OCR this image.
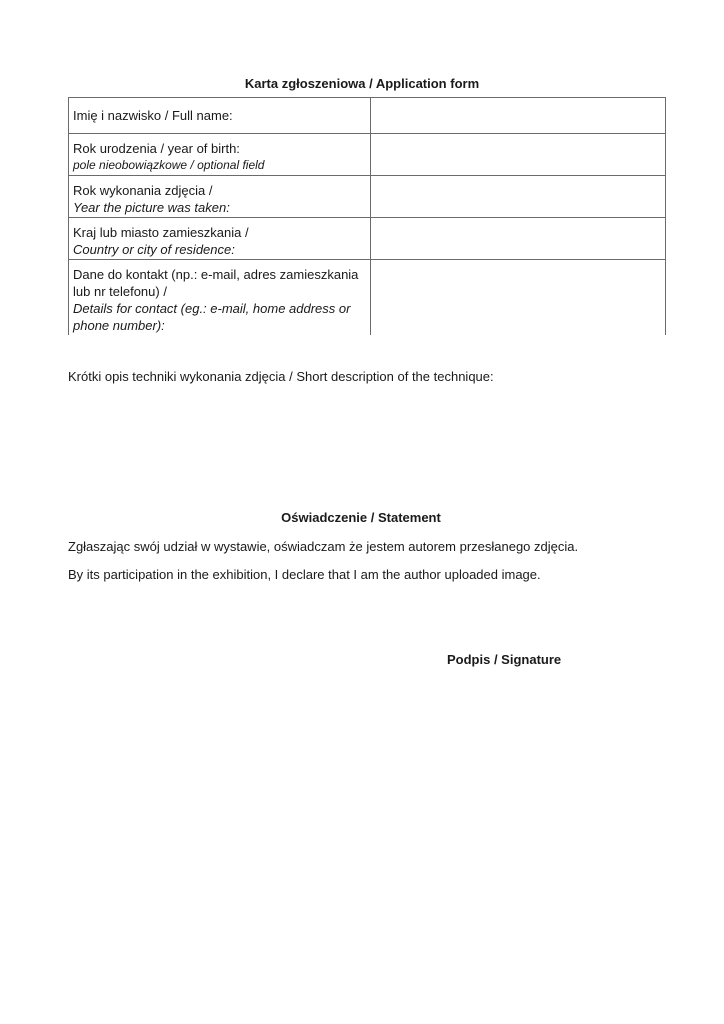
Karta zgłoszeniowa / Application form
Imię i nazwisko / Full name:	

Rok urodzenia / year of birth:
pole nieobowiązkowe / optional field	

Rok wykonania zdjęcia /
Year the picture was taken:	

Kraj lub miasto zamieszkania /
Country or city of residence:	

Dane do kontakt (np.: e-mail, adres zamieszkania
lub nr telefonu) /
Details for contact (eg.: e-mail, home address or
phone number):	

Krótki opis techniki wykonania zdjęcia / Short description of the technique:
Oświadczenie / Statement
Zgłaszając swój udział w wystawie, oświadczam że jestem autorem przesłanego zdjęcia.
By its participation in the exhibition, I declare that I am the author uploaded image.
Podpis / Signature
